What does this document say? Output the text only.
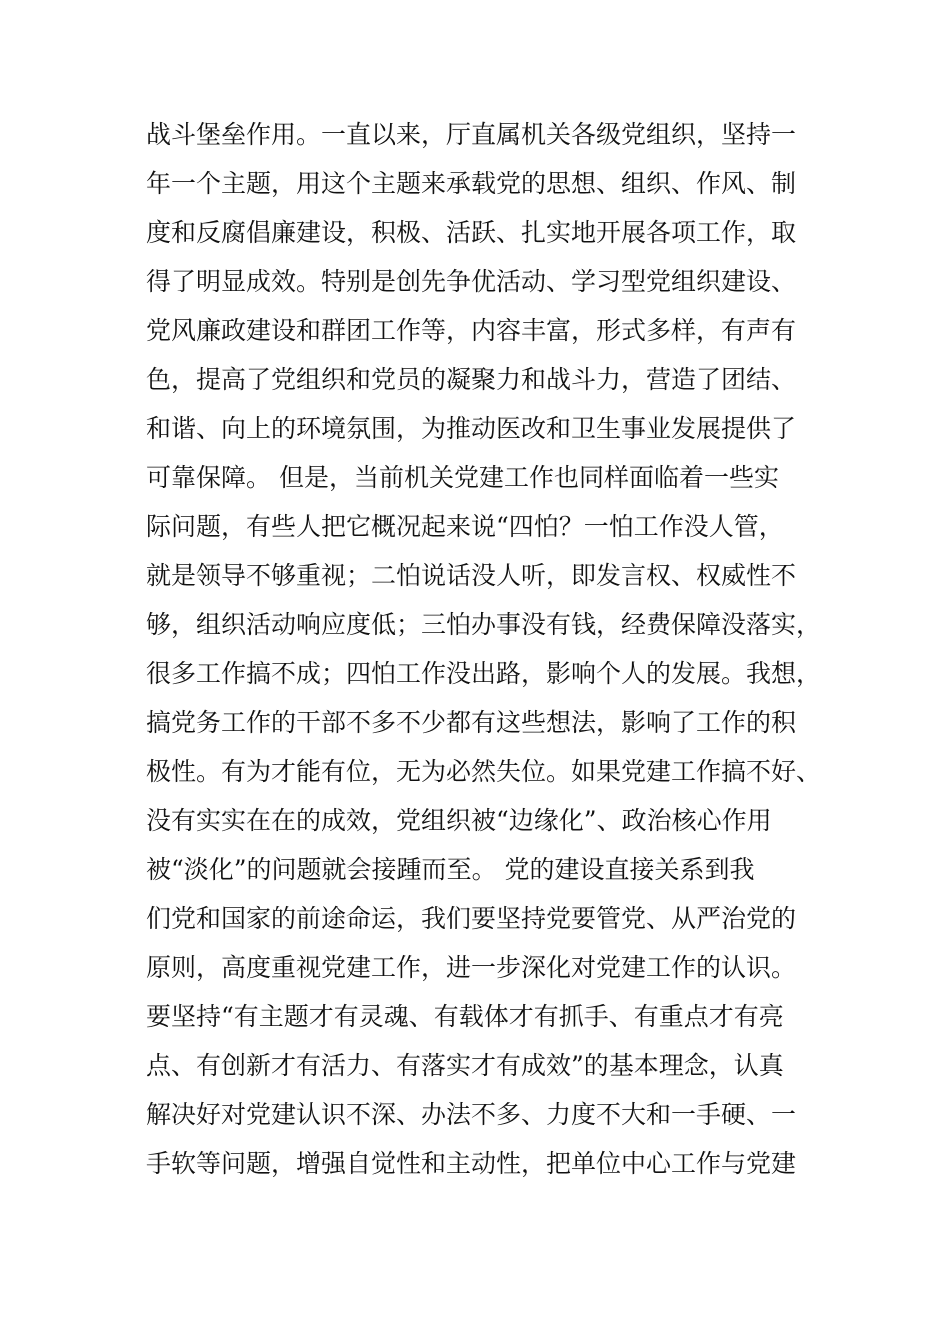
战斗堡垒作用。一直以来，厅直属机关各级党组织，坚持一
年一个主题，用这个主题来承载党的思想、组织、作风、制
度和反腐倡廉建设，积极、活跃、扎实地开展各项工作，取
得了明显成效。特别是创先争优活动、学习型党组织建设、
党风廉政建设和群团工作等，内容丰富，形式多样，有声有
色，提高了党组织和党员的凝聚力和战斗力，营造了团结、
和谐、向上的环境氛围，为推动医改和卫生事业发展提供了
可靠保障。 但是，当前机关党建工作也同样面临着一些实
际问题，有些人把它概况起来说“四怕？一怕工作没人管，
就是领导不够重视；二怕说话没人听，即发言权、权威性不
够，组织活动响应度低；三怕办事没有钱，经费保障没落实，
很多工作搞不成；四怕工作没出路，影响个人的发展。我想，
搞党务工作的干部不多不少都有这些想法，影响了工作的积
极性。有为才能有位，无为必然失位。如果党建工作搞不好、
没有实实在在的成效，党组织被“边缘化”、政治核心作用
被“淡化”的问题就会接踵而至。 党的建设直接关系到我
们党和国家的前途命运，我们要坚持党要管党、从严治党的
原则，高度重视党建工作，进一步深化对党建工作的认识。
要坚持“有主题才有灵魂、有载体才有抓手、有重点才有亮
点、有创新才有活力、有落实才有成效”的基本理念，认真
解决好对党建认识不深、办法不多、力度不大和一手硬、一
手软等问题，增强自觉性和主动性，把单位中心工作与党建
